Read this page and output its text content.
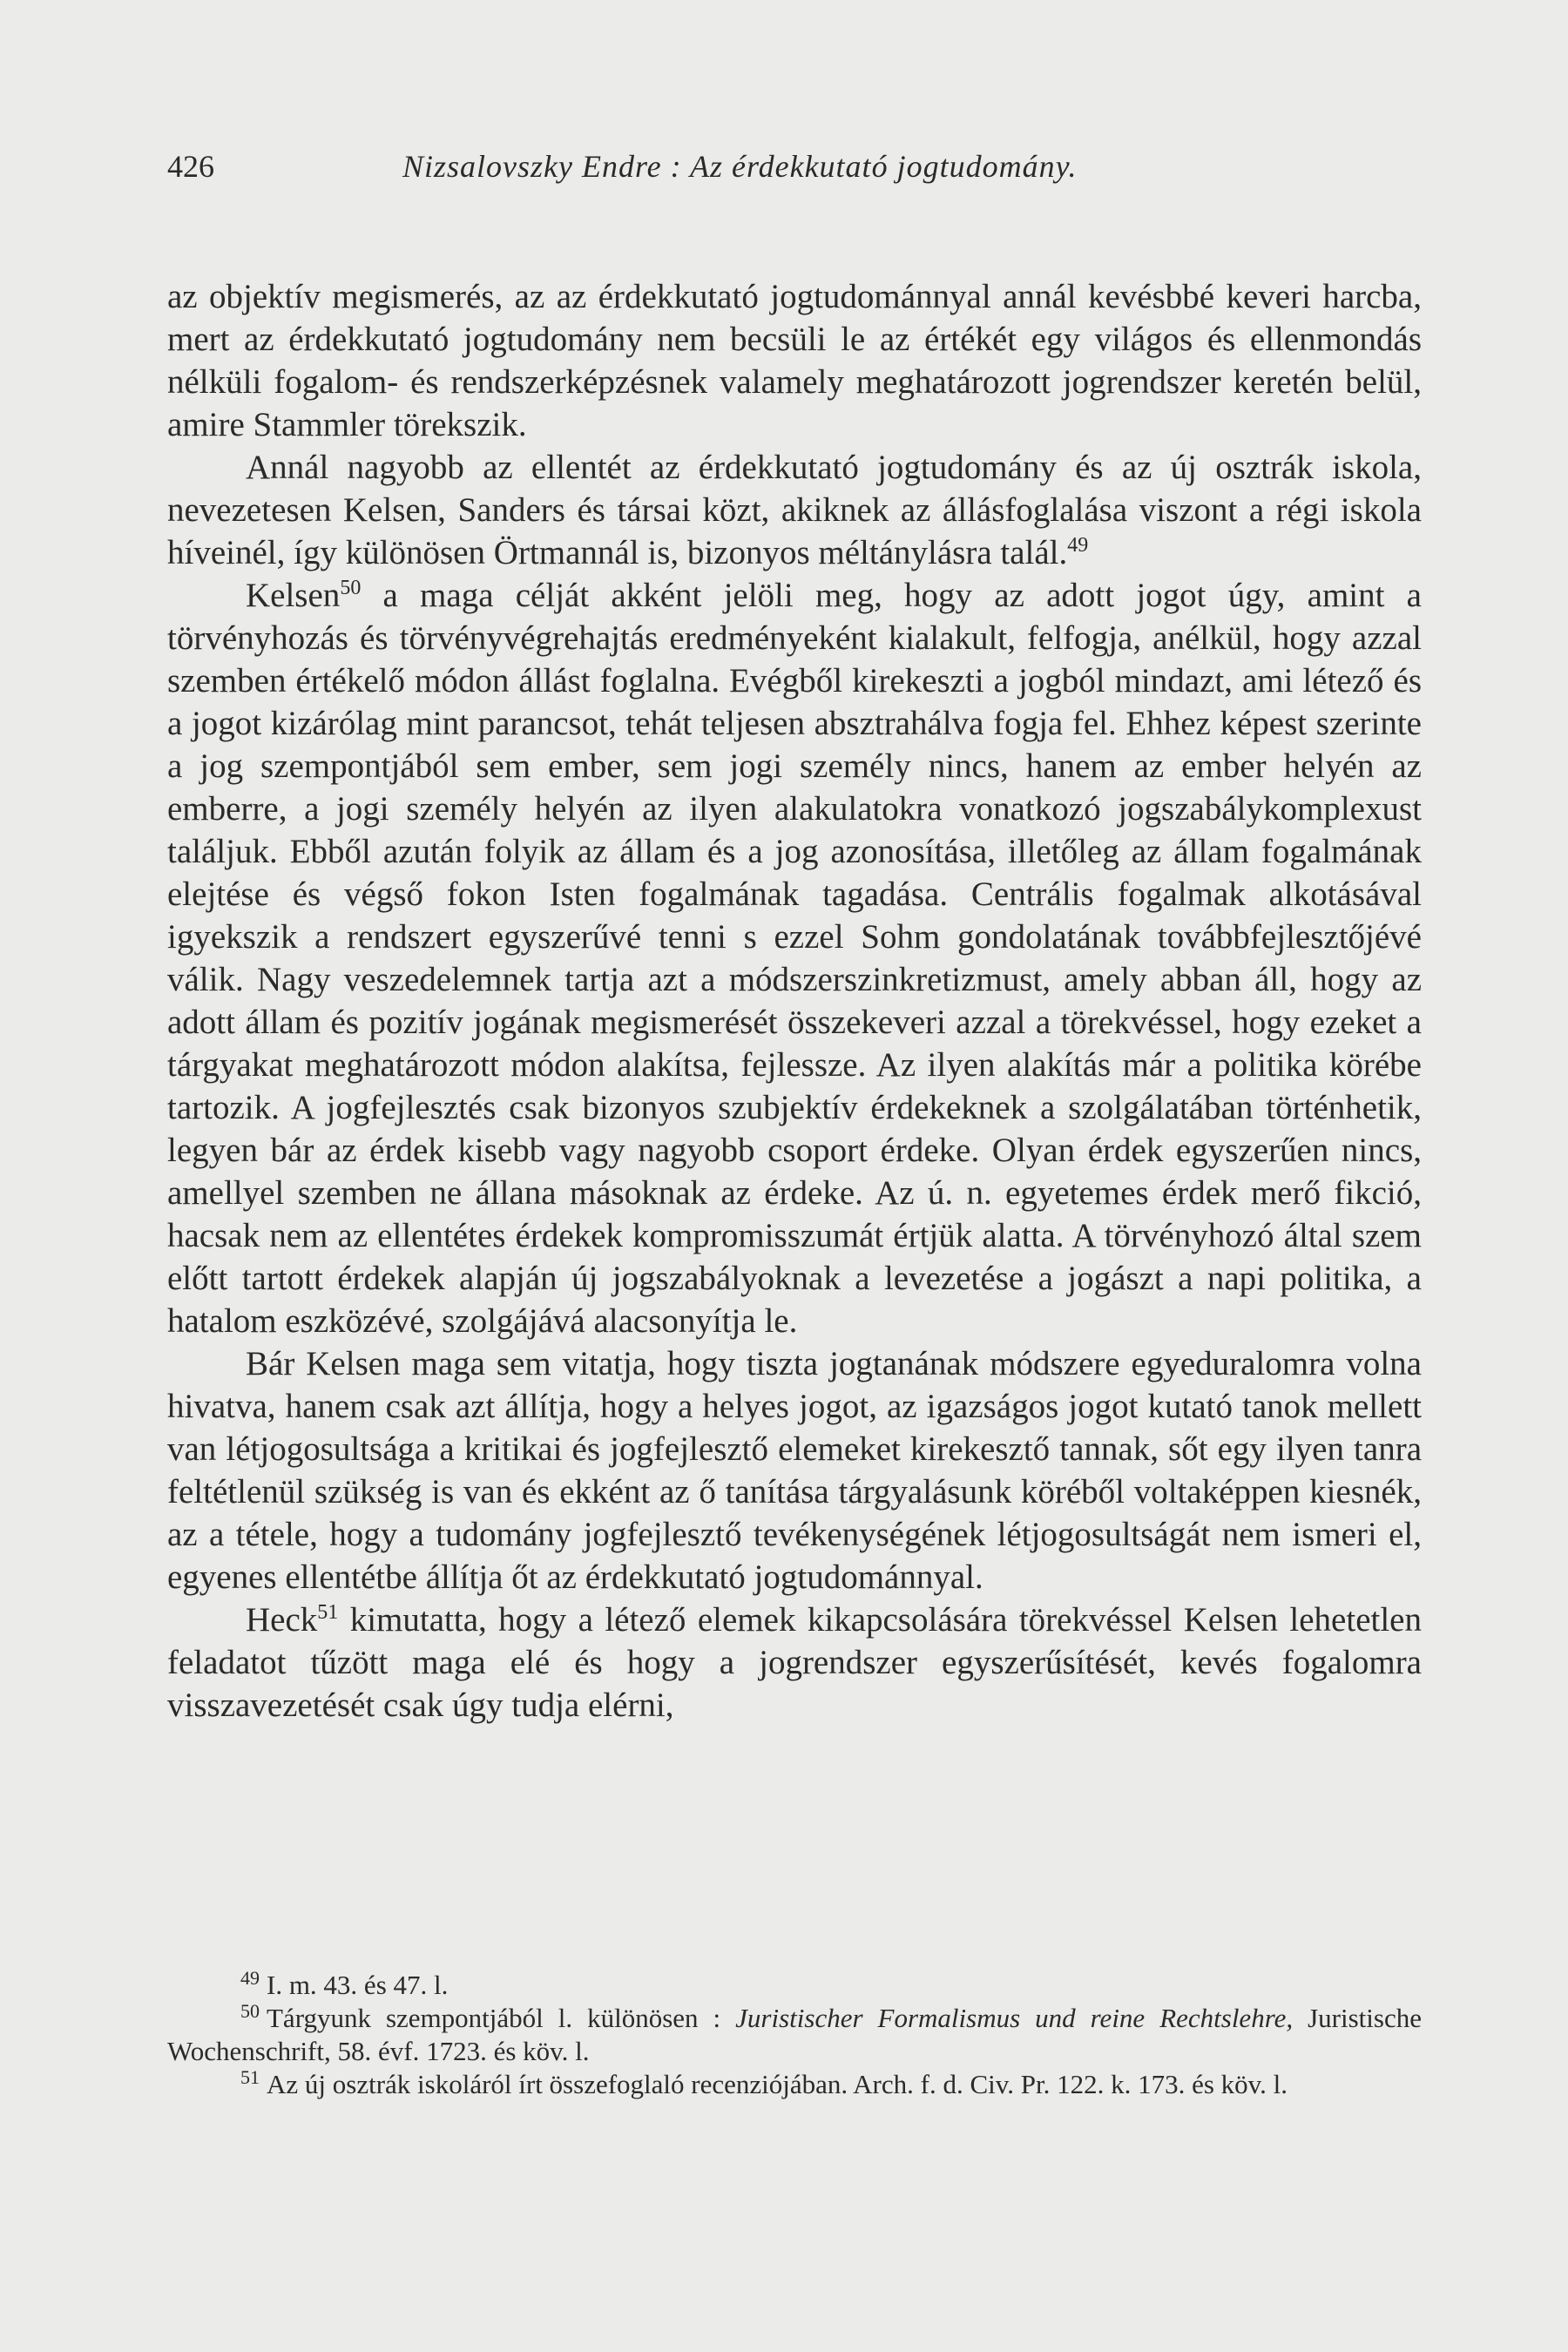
426	Nizsalovszky Endre : Az érdekkutató jogtudomány.

az objektív megismerés, az az érdekkutató jogtudománnyal annál kevésbbé keveri harcba, mert az érdekkutató jogtudomány nem becsüli le az értékét egy világos és ellenmondás nélküli fogalom- és rendszerképzésnek valamely meghatározott jogrendszer keretén belül, amire Stammler törekszik.

Annál nagyobb az ellentét az érdekkutató jogtudomány és az új osztrák iskola, nevezetesen Kelsen, Sanders és társai közt, akiknek az állásfoglalása viszont a régi iskola híveinél, így különösen Örtmannál is, bizonyos méltánylásra talál.$^{49}$

Kelsen$^{50}$ a maga célját akként jelöli meg, hogy az adott jogot úgy, amint a törvényhozás és törvényvégrehajtás eredményeként kialakult, felfogja, anélkül, hogy azzal szemben értékelő módon állást foglalna. Evégből kirekeszti a jogból mindazt, ami létező és a jogot kizárólag mint parancsot, tehát teljesen absztrahálva fogja fel. Ehhez képest szerinte a jog szempontjából sem ember, sem jogi személy nincs, hanem az ember helyén az emberre, a jogi személy helyén az ilyen alakulatokra vonatkozó jogszabálykomplexust találjuk. Ebből azután folyik az állam és a jog azonosítása, illetőleg az állam fogalmának elejtése és végső fokon Isten fogalmának tagadása. Centrális fogalmak alkotásával igyekszik a rendszert egyszerűvé tenni s ezzel Sohm gondolatának továbbfejlesztőjévé válik. Nagy veszedelemnek tartja azt a módszerszinkretizmust, amely abban áll, hogy az adott állam és pozitív jogának megismerését összekeveri azzal a törekvéssel, hogy ezeket a tárgyakat meghatározott módon alakítsa, fejlessze. Az ilyen alakítás már a politika körébe tartozik. A jogfejlesztés csak bizonyos szubjektív érdekeknek a szolgálatában történhetik, legyen bár az érdek kisebb vagy nagyobb csoport érdeke. Olyan érdek egyszerűen nincs, amellyel szemben ne állana másoknak az érdeke. Az ú. n. egyetemes érdek merő fikció, hacsak nem az ellentétes érdekek kompromisszumát értjük alatta. A törvényhozó által szem előtt tartott érdekek alapján új jogszabályoknak a levezetése a jogászt a napi politika, a hatalom eszközévé, szolgájává alacsonyítja le.

Bár Kelsen maga sem vitatja, hogy tiszta jogtanának módszere egyeduralomra volna hivatva, hanem csak azt állítja, hogy a helyes jogot, az igazságos jogot kutató tanok mellett van létjogosultsága a kritikai és jogfejlesztő elemeket kirekesztő tannak, sőt egy ilyen tanra feltétlenül szükség is van és ekként az ő tanítása tárgyalásunk köréből voltaképpen kiesnék, az a tétele, hogy a tudomány jogfejlesztő tevékenységének létjogosultságát nem ismeri el, egyenes ellentétbe állítja őt az érdekkutató jogtudománnyal.

Heck$^{51}$ kimutatta, hogy a létező elemek kikapcsolására törekvéssel Kelsen lehetetlen feladatot tűzött maga elé és hogy a jogrendszer egyszerűsítését, kevés fogalomra visszavezetését csak úgy tudja elérni,

$^{49}$ I. m. 43. és 47. l.

$^{50}$ Tárgyunk szempontjából l. különösen : Juristischer Formalismus und reine Rechtslehre, Juristische Wochenschrift, 58. évf. 1723. és köv. l.

$^{51}$ Az új osztrák iskoláról írt összefoglaló recenziójában. Arch. f. d. Civ. Pr. 122. k. 173. és köv. l.
